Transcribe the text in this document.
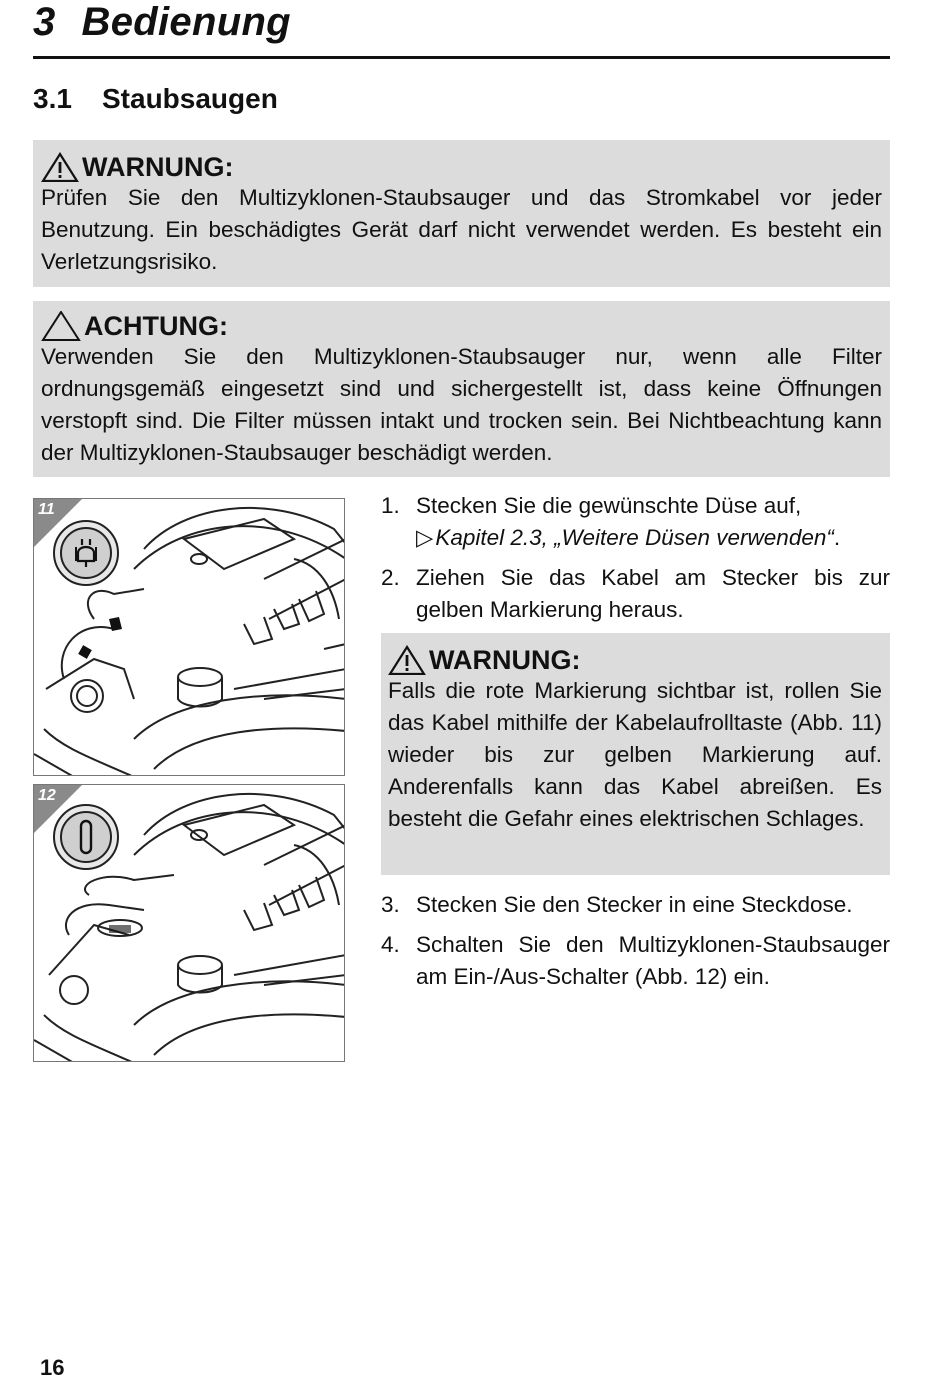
3 Bedienung
3.1 Staubsaugen
WARNUNG:

Prüfen Sie den Multizyklonen-Staubsauger und das Stromkabel vor jeder Benutzung. Ein beschädigtes Gerät darf nicht verwendet werden. Es besteht ein Verletzungsrisiko.

ACHTUNG:

Verwenden Sie den Multizyklonen-Staubsauger nur, wenn alle Filter ordnungsgemäß eingesetzt sind und sichergestellt ist, dass keine Öffnungen verstopft sind. Die Filter müssen intakt und trocken sein. Bei Nichtbeachtung kann der Multizyklonen-Staubsauger beschädigt werden.

11
12
1. Stecken Sie die gewünschte Düse auf,
▷Kapitel 2.3, „Weitere Düsen verwenden“.
2. Ziehen Sie das Kabel am Stecker bis zur gelben Markierung heraus.
WARNUNG:

Falls die rote Markierung sichtbar ist, rollen Sie das Kabel mithilfe der Kabelaufrolltaste (Abb. 11) wieder bis zur gelben Markierung auf. Anderenfalls kann das Kabel abreißen. Es besteht die Gefahr eines elektrischen Schlages.

3. Stecken Sie den Stecker in eine Steckdose.
4. Schalten Sie den Multizyklonen-Staubsauger am Ein-/Aus-Schalter (Abb. 12) ein.
16
